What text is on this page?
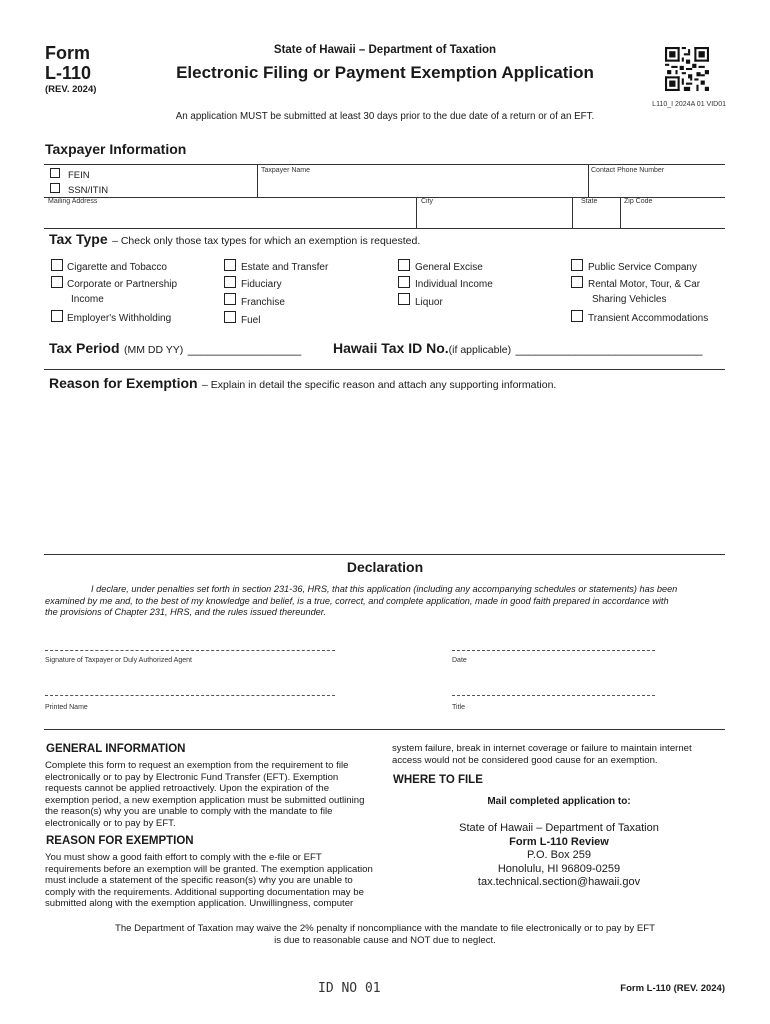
Form
L-110
(REV. 2024)
State of Hawaii – Department of Taxation
Electronic Filing or Payment Exemption Application
L110_I 2024A 01 VID01
An application MUST be submitted at least 30 days prior to the due date of a return or of an EFT.
Taxpayer Information
FEIN
SSN/ITIN
Taxpayer Name	Contact Phone Number
Mailing Address	City	State	Zip Code
Tax Type – Check only those tax types for which an exemption is requested.
Cigarette and Tobacco
Corporate or Partnership
Income
Employer's Withholding
Estate and Transfer
Fiduciary
Franchise
Fuel
General Excise
Individual Income
Liquor
Public Service Company
Rental Motor, Tour, & Car
Sharing Vehicles
Transient Accommodations
Tax Period (MM DD YY) _________________ Hawaii Tax ID No.(if applicable) ____________________________
Reason for Exemption – Explain in detail the specific reason and attach any supporting information.
Declaration
I declare, under penalties set forth in section 231-36, HRS, that this application (including any accompanying schedules or statements) has been
examined by me and, to the best of my knowledge and belief, is a true, correct, and complete application, made in good faith prepared in accordance with
the provisions of Chapter 231, HRS, and the rules issued thereunder.
Signature of Taxpayer or Duly Authorized Agent	Date
Printed Name	Title
GENERAL INFORMATION
Complete this form to request an exemption from the requirement to file
electronically or to pay by Electronic Fund Transfer (EFT). Exemption
requests cannot be applied retroactively. Upon the expiration of the
exemption period, a new exemption application must be submitted outlining
the reason(s) why you are unable to comply with the mandate to file
electronically or to pay by EFT.
REASON FOR EXEMPTION
You must show a good faith effort to comply with the e-file or EFT
requirements before an exemption will be granted. The exemption application
must include a statement of the specific reason(s) why you are unable to
comply with the requirements. Additional supporting documentation may be
submitted along with the exemption application. Unwillingness, computer
system failure, break in internet coverage or failure to maintain internet
access would not be considered good cause for an exemption.
WHERE TO FILE
Mail completed application to:
State of Hawaii – Department of Taxation
Form L-110 Review
P.O. Box 259
Honolulu, HI 96809-0259
tax.technical.section@hawaii.gov
The Department of Taxation may waive the 2% penalty if noncompliance with the mandate to file electronically or to pay by EFT
is due to reasonable cause and NOT due to neglect.
ID NO 01	Form L-110 (REV. 2024)
